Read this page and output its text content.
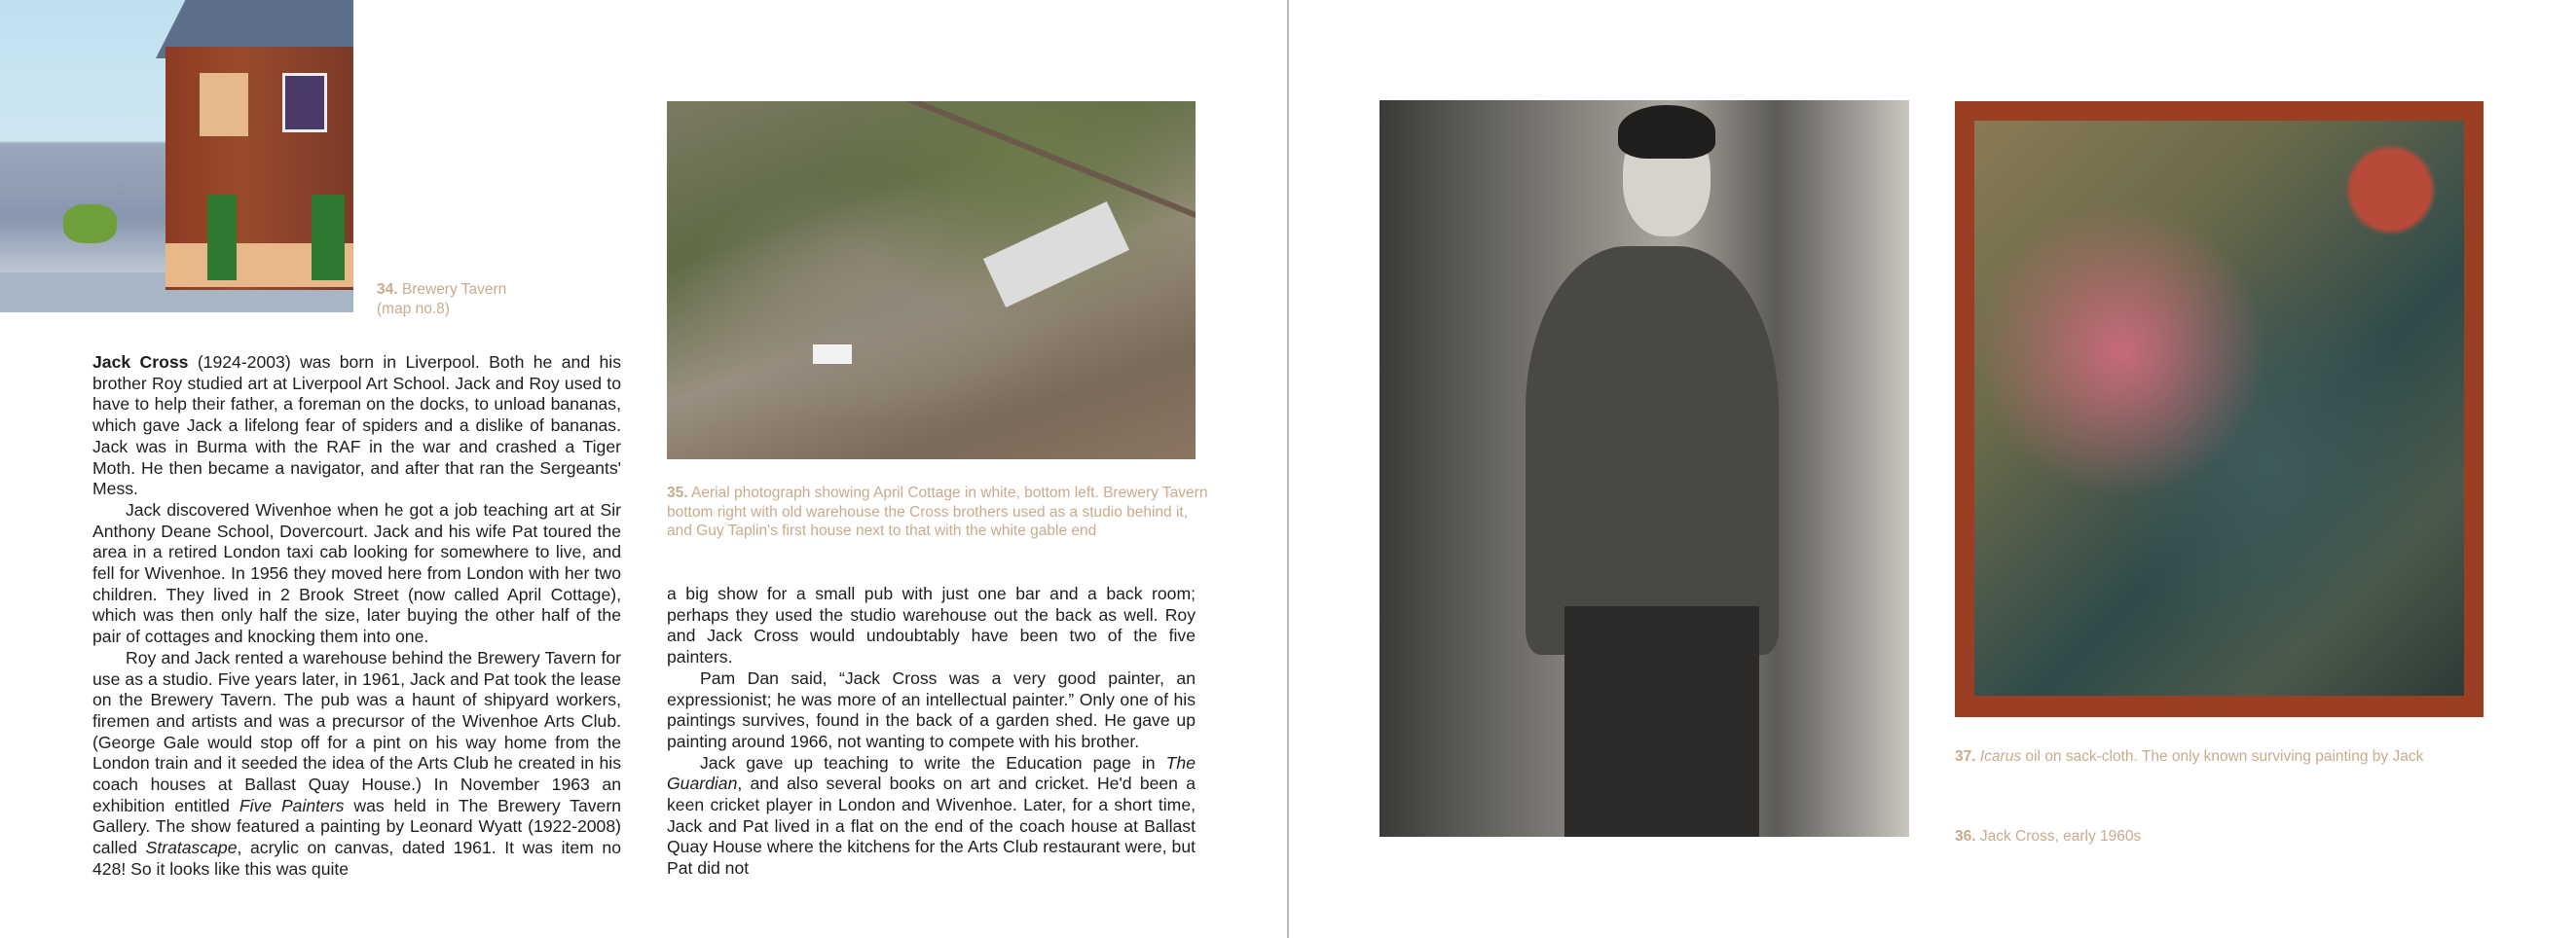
34. Brewery Tavern
(map no.8)
35. Aerial photograph showing April Cottage in white, bottom left. Brewery Tavern bottom right with old warehouse the Cross brothers used as a studio behind it, and Guy Taplin's first house next to that with the white gable end

Jack Cross (1924-2003) was born in Liverpool. Both he and his brother Roy studied art at Liverpool Art School. Jack and Roy used to have to help their father, a foreman on the docks, to unload bananas, which gave Jack a lifelong fear of spiders and a dislike of bananas. Jack was in Burma with the RAF in the war and crashed a Tiger Moth. He then became a navigator, and after that ran the Sergeants' Mess.

Jack discovered Wivenhoe when he got a job teaching art at Sir Anthony Deane School, Dovercourt. Jack and his wife Pat toured the area in a retired London taxi cab looking for somewhere to live, and fell for Wivenhoe. In 1956 they moved here from London with her two children. They lived in 2 Brook Street (now called April Cottage), which was then only half the size, later buying the other half of the pair of cottages and knocking them into one.

Roy and Jack rented a warehouse behind the Brewery Tavern for use as a studio. Five years later, in 1961, Jack and Pat took the lease on the Brewery Tavern. The pub was a haunt of shipyard workers, firemen and artists and was a precursor of the Wivenhoe Arts Club. (George Gale would stop off for a pint on his way home from the London train and it seeded the idea of the Arts Club he created in his coach houses at Ballast Quay House.) In November 1963 an exhibition entitled Five Painters was held in The Brewery Tavern Gallery. The show featured a painting by Leonard Wyatt (1922-2008) called Stratascape, acrylic on canvas, dated 1961. It was item no 428! So it looks like this was quite

a big show for a small pub with just one bar and a back room; perhaps they used the studio warehouse out the back as well. Roy and Jack Cross would undoubtably have been two of the five painters.

Pam Dan said, “Jack Cross was a very good painter, an expressionist; he was more of an intellectual painter.” Only one of his paintings survives, found in the back of a garden shed. He gave up painting around 1966, not wanting to compete with his brother.

Jack gave up teaching to write the Education page in The Guardian, and also several books on art and cricket. He'd been a keen cricket player in London and Wivenhoe. Later, for a short time, Jack and Pat lived in a flat on the end of the coach house at Ballast Quay House where the kitchens for the Arts Club restaurant were, but Pat did not

37. Icarus oil on sack-cloth. The only known surviving painting by Jack
36. Jack Cross, early 1960s
